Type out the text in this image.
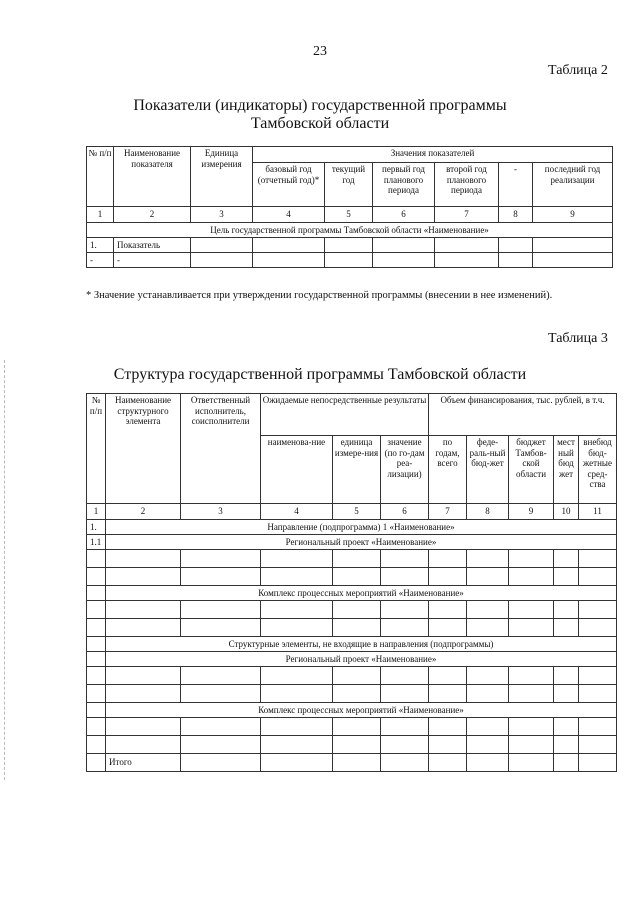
23
Таблица 2
Показатели (индикаторы) государственной программы
Тамбовской области
№ п/п	Наименование показателя	Единица измерения	Значения показателей					
			базовый год (отчетный год)*	текущий год	первый год планового периода	второй год планового периода	-	последний год реализации
1	2	3	4	5	6	7	8	9
Цель государственной программы Тамбовской области «Наименование»								
1.	Показатель							
-	-							
* Значение устанавливается при утверждении государственной программы (внесении в нее изменений).
Таблица 3
Структура государственной программы Тамбовской области
№ п/п	Наименование структурного элемента	Ответственный исполнитель, соисполнители	Ожидаемые непосредственные результаты			Объем финансирования, тыс. рублей, в т.ч.				
			наименова-ние	единица измере-ния	значение (по го-дам реа-лизации)	по годам, всего	феде-раль-ный бюд-жет	бюджет Тамбов-ской области	мест ный бюд жет	внебюд бюд-жетные сред-ства
1	2	3	4	5	6	7	8	9	10	11
1.	Направление (подпрограмма) 1 «Наименование»									
1.1	Региональный проект «Наименование»									

	Комплекс процессных мероприятий «Наименование»									

	Структурные элементы, не входящие в направления (подпрограммы)									
	Региональный проект «Наименование»									

	Комплекс процессных мероприятий «Наименование»									

	Итого									
